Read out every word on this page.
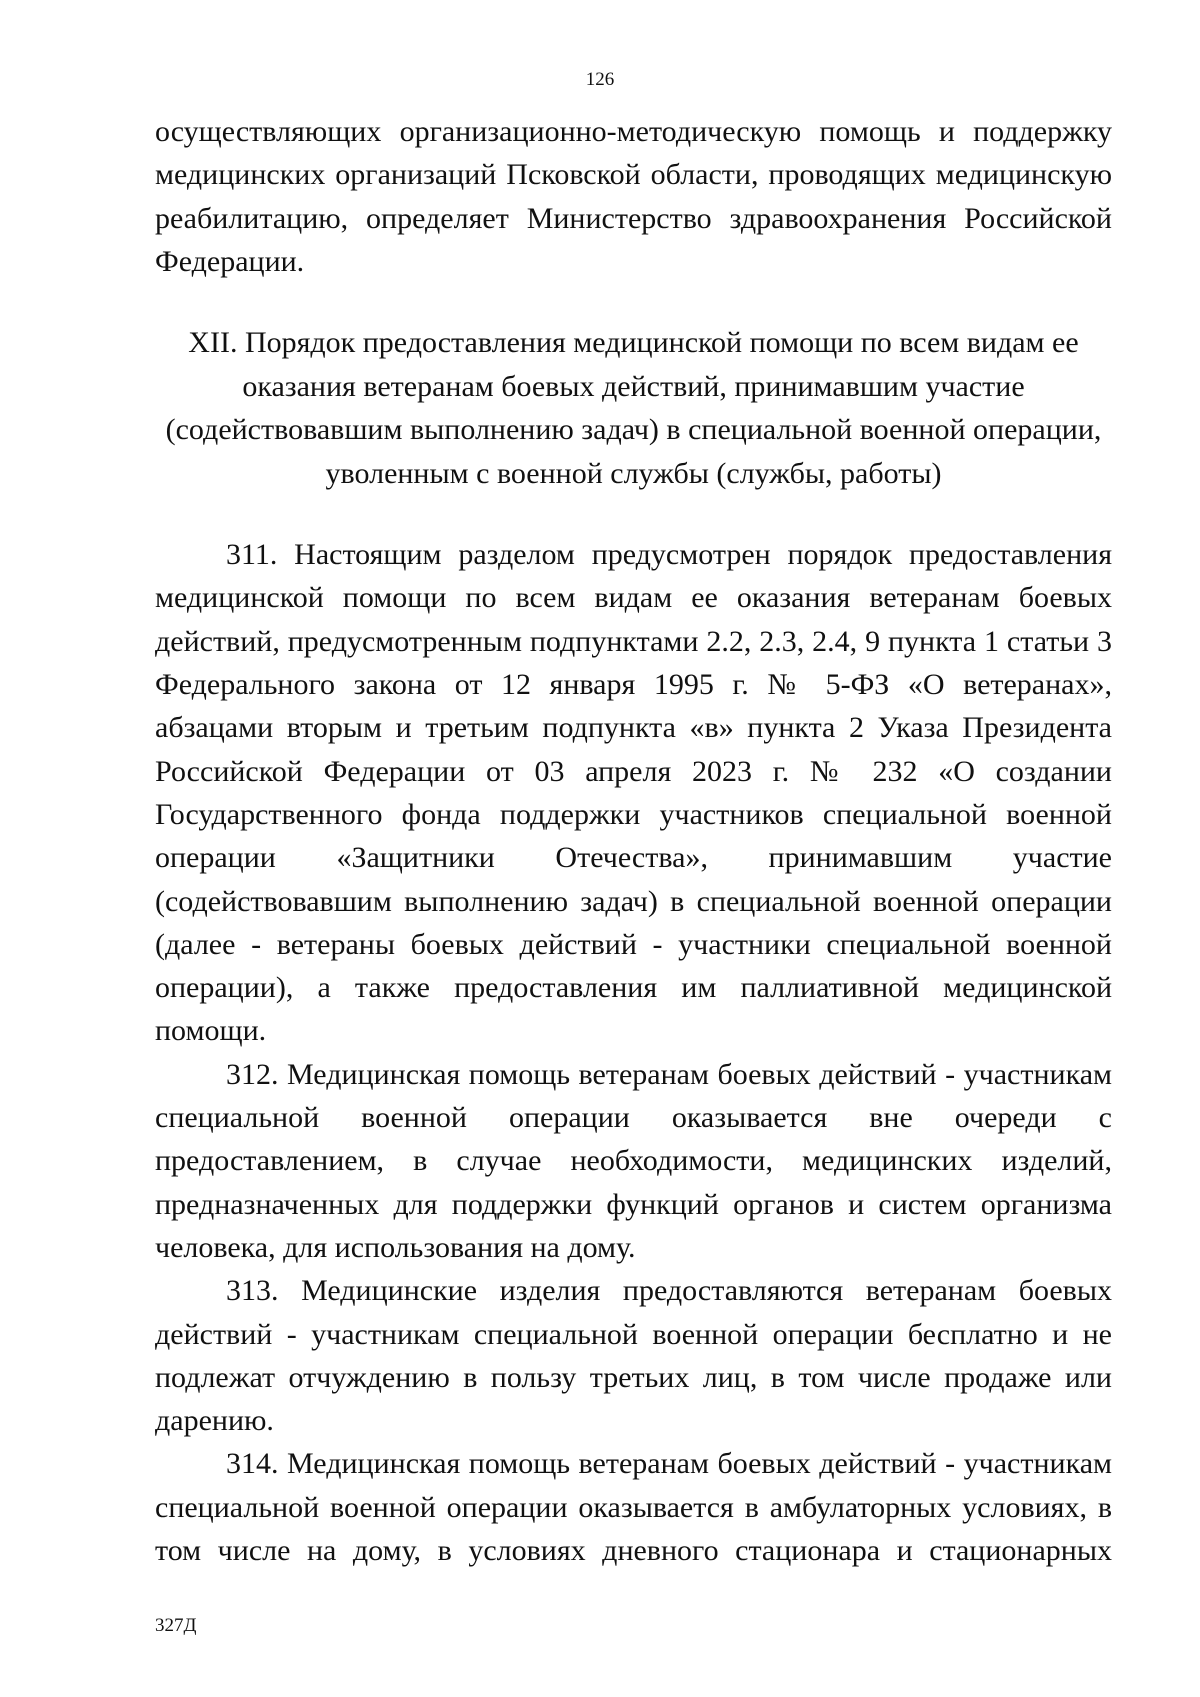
126

осуществляющих организационно-методическую помощь и поддержку медицинских организаций Псковской области, проводящих медицинскую реабилитацию, определяет Министерство здравоохранения Российской Федерации.

XII. Порядок предоставления медицинской помощи по всем видам ее
оказания ветеранам боевых действий, принимавшим участие
(содействовавшим выполнению задач) в специальной военной операции,
уволенным с военной службы (службы, работы)

311. Настоящим разделом предусмотрен порядок предоставления медицинской помощи по всем видам ее оказания ветеранам боевых действий, предусмотренным подпунктами 2.2, 2.3, 2.4, 9 пункта 1 статьи 3 Федерального закона от 12 января 1995 г. № 5-ФЗ «О ветеранах», абзацами вторым и третьим подпункта «в» пункта 2 Указа Президента Российской Федерации от 03 апреля 2023 г. № 232 «О создании Государственного фонда поддержки участников специальной военной операции «Защитники Отечества», принимавшим участие (содействовавшим выполнению задач) в специальной военной операции (далее - ветераны боевых действий - участники специальной военной операции), а также предоставления им паллиативной медицинской помощи.

312. Медицинская помощь ветеранам боевых действий - участникам специальной военной операции оказывается вне очереди с предоставлением, в случае необходимости, медицинских изделий, предназначенных для поддержки функций органов и систем организма человека, для использования на дому.

313. Медицинские изделия предоставляются ветеранам боевых действий - участникам специальной военной операции бесплатно и не подлежат отчуждению в пользу третьих лиц, в том числе продаже или дарению.

314. Медицинская помощь ветеранам боевых действий - участникам специальной военной операции оказывается в амбулаторных условиях, в том числе на дому, в условиях дневного стационара и стационарных

327Д
